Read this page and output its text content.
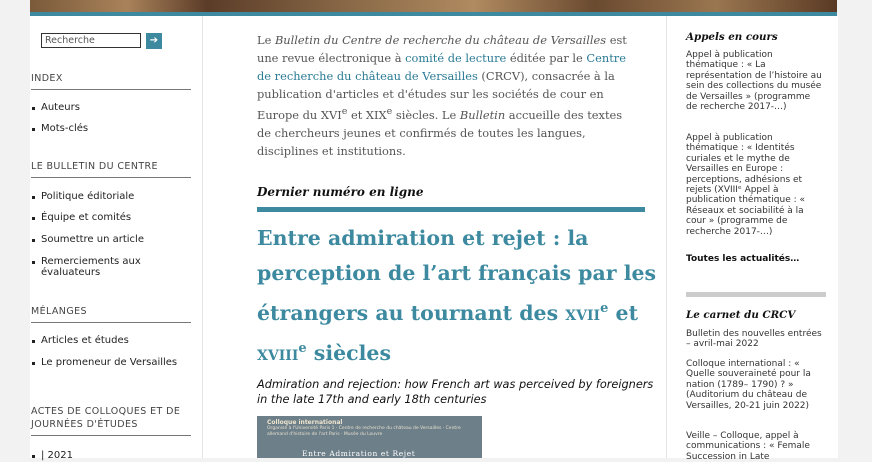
Recherche	➔
INDEX
Auteurs
Mots-clés
LE BULLETIN DU CENTRE
Politique éditoriale
Équipe et comités
Soumettre un article
Remerciements aux évaluateurs
MÉLANGES
Articles et études
Le promeneur de Versailles
ACTES DE COLLOQUES ET DE JOURNÉES D'ÉTUDES
| 2021
Le Bulletin du Centre de recherche du château de Versailles est une revue électronique à comité de lecture éditée par le Centre de recherche du château de Versailles (CRCV), consacrée à la publication d'articles et d'études sur les sociétés de cour en Europe du XVIe et XIXe siècles. Le Bulletin accueille des textes de chercheurs jeunes et confirmés de toutes les langues, disciplines et institutions.
Dernier numéro en ligne
Entre admiration et rejet : la perception de l’art français par les étrangers au tournant des xvii$^e$ et xviii$^e$ siècles
Admiration and rejection: how French art was perceived by foreigners in the late 17th and early 18th centuries
Colloque international
Organisé à l'Université Paris 1 · Centre de recherche du château de Versailles · Centre allemand d'histoire de l'art Paris · Musée du Louvre
Entre Admiration et Rejet
Appels en cours
Appel à publication thématique : « La représentation de l’histoire au sein des collections du musée de Versailles » (programme de recherche 2017-…)
Appel à publication thématique : « Identités curiales et le mythe de Versailles en Europe : perceptions, adhésions et rejets (XVIIIᵉ Appel à publication thématique : « Réseaux et sociabilité à la cour » (programme de recherche 2017-…)
Toutes les actualités…
Le carnet du CRCV
Bulletin des nouvelles entrées – avril-mai 2022
Colloque international : « Quelle souveraineté pour la nation (1789– 1790) ? » (Auditorium du château de Versailles, 20-21 juin 2022)
Veille – Colloque, appel à communications : « Female Succession in Late
